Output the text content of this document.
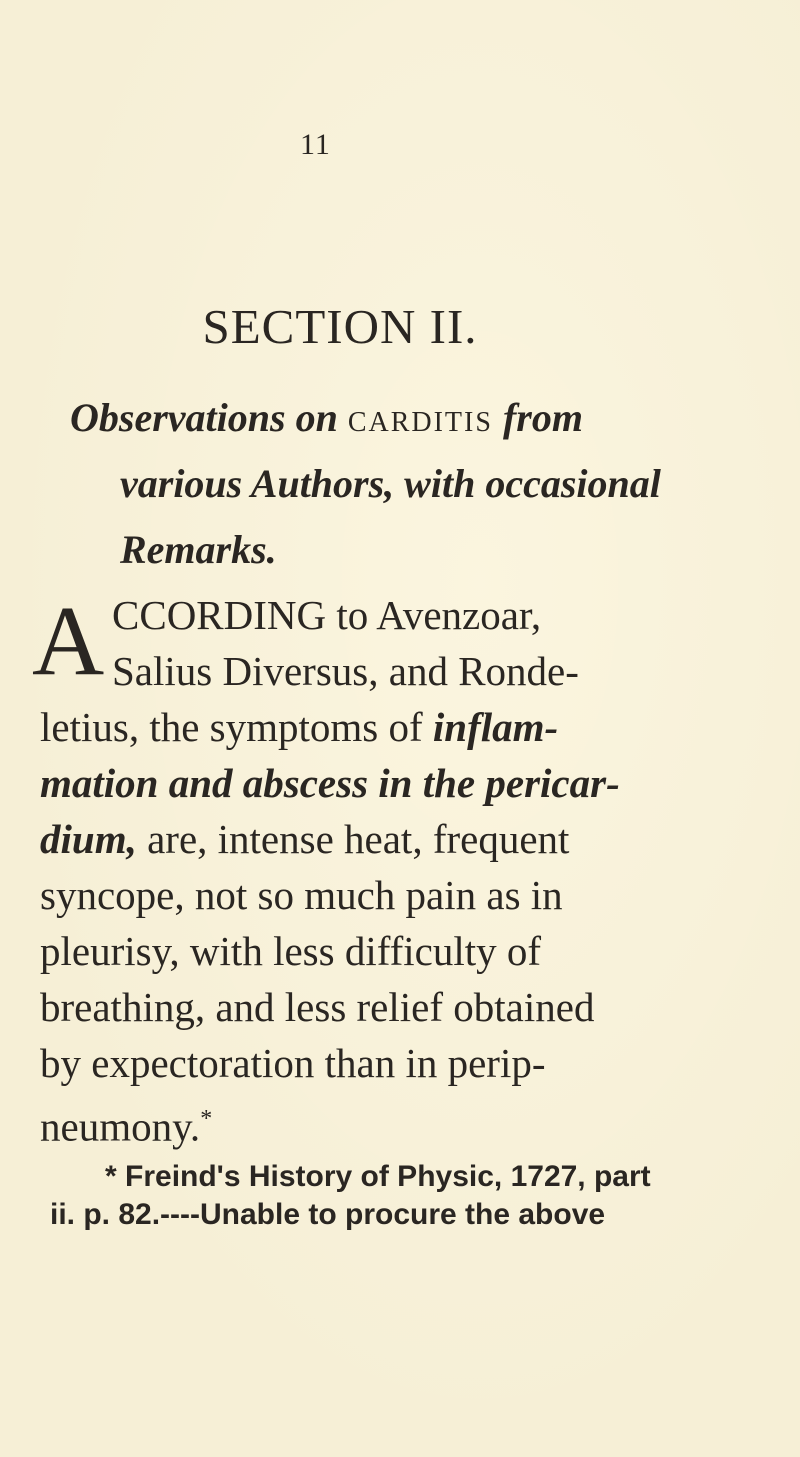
11
SECTION II.
Observations on carditis from
various Authors, with occasional
Remarks.
A CCORDING to Avenzoar,
Salius Diversus, and Ronde-
letius, the symptoms of inflam-
mation and abscess in the pericar-
dium, are, intense heat, frequent
syncope, not so much pain as in
pleurisy, with less difficulty of
breathing, and less relief obtained
by expectoration than in perip-
neumony.*
* Freind's History of Physic, 1727, part
ii. p. 82.----Unable to procure the above
